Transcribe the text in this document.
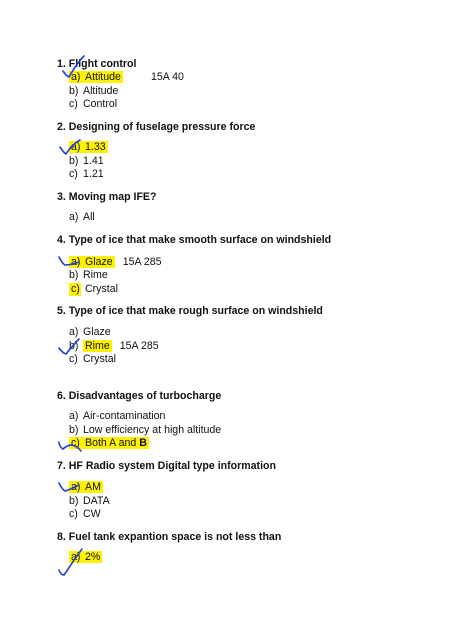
1. Flight control
a) Attitude	15A 40
b) Altitude
c) Control
2. Designing of fuselage pressure force
a) 1.33
b) 1.41
c) 1.21
3. Moving map IFE?
a) All
4. Type of ice that make smooth surface on windshield
a) Glaze 15A 285
b) Rime
c) Crystal
5. Type of ice that make rough surface on windshield
a) Glaze
b) Rime 15A 285
c) Crystal
6. Disadvantages of turbocharge
a) Air-contamination
b) Low efficiency at high altitude
c) Both A and B
7. HF Radio system Digital type information
a) AM
b) DATA
c) CW
8. Fuel tank expantion space is not less than
a) 2%
